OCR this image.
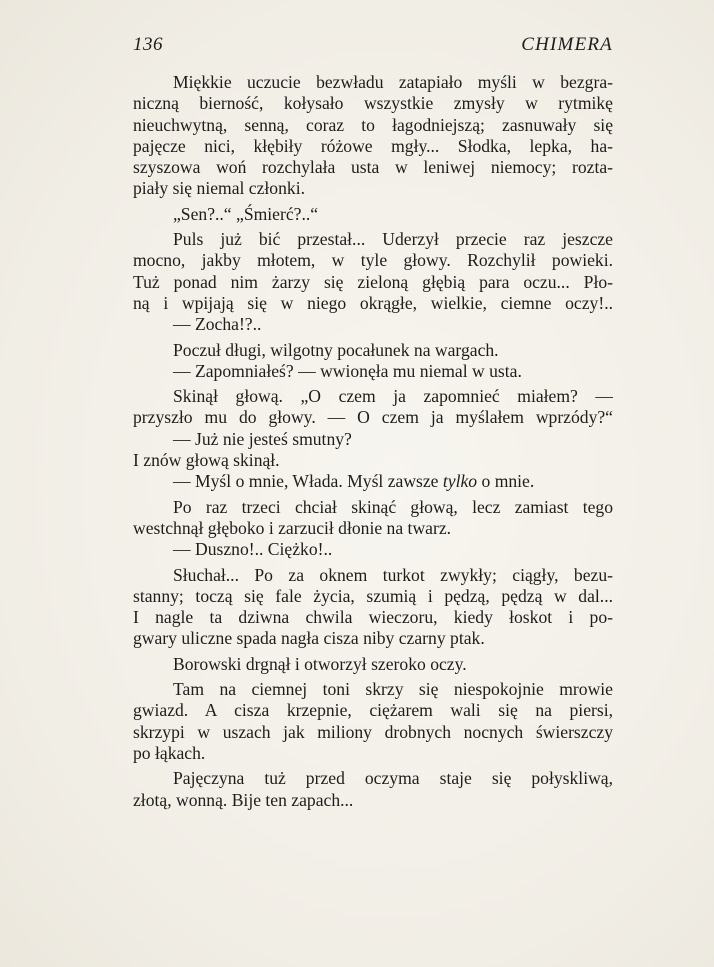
136	CHIMERA
Miękkie uczucie bezwładu zatapiało myśli w bezgra-
niczną bierność, kołysało wszystkie zmysły w rytmikę
nieuchwytną, senną, coraz to łagodniejszą; zasnuwały się
pajęcze nici, kłębiły różowe mgły... Słodka, lepka, ha-
szyszowa woń rozchylała usta w leniwej niemocy; rozta-
piały się niemal członki.
„Sen?..“ „Śmierć?..“
Puls już bić przestał... Uderzył przecie raz jeszcze
mocno, jakby młotem, w tyle głowy. Rozchylił powieki.
Tuż ponad nim żarzy się zieloną głębią para oczu... Pło-
ną i wpijają się w niego okrągłe, wielkie, ciemne oczy!..
— Zocha!?..
Poczuł długi, wilgotny pocałunek na wargach.
— Zapomniałeś? — wwionęła mu niemal w usta.
Skinął głową. „O czem ja zapomnieć miałem? —
przyszło mu do głowy. — O czem ja myślałem wprzódy?“
— Już nie jesteś smutny?
I znów głową skinął.
— Myśl o mnie, Włada. Myśl zawsze tylko o mnie.
Po raz trzeci chciał skinąć głową, lecz zamiast tego
westchnął głęboko i zarzucił dłonie na twarz.
— Duszno!.. Ciężko!..
Słuchał... Po za oknem turkot zwykły; ciągły, bezu-
stanny; toczą się fale życia, szumią i pędzą, pędzą w dal...
I nagle ta dziwna chwila wieczoru, kiedy łoskot i po-
gwary uliczne spada nagła cisza niby czarny ptak.
Borowski drgnął i otworzył szeroko oczy.
Tam na ciemnej toni skrzy się niespokojnie mrowie
gwiazd. A cisza krzepnie, ciężarem wali się na piersi,
skrzypi w uszach jak miliony drobnych nocnych świerszczy
po łąkach.
Pajęczyna tuż przed oczyma staje się połyskliwą,
złotą, wonną. Bije ten zapach...
